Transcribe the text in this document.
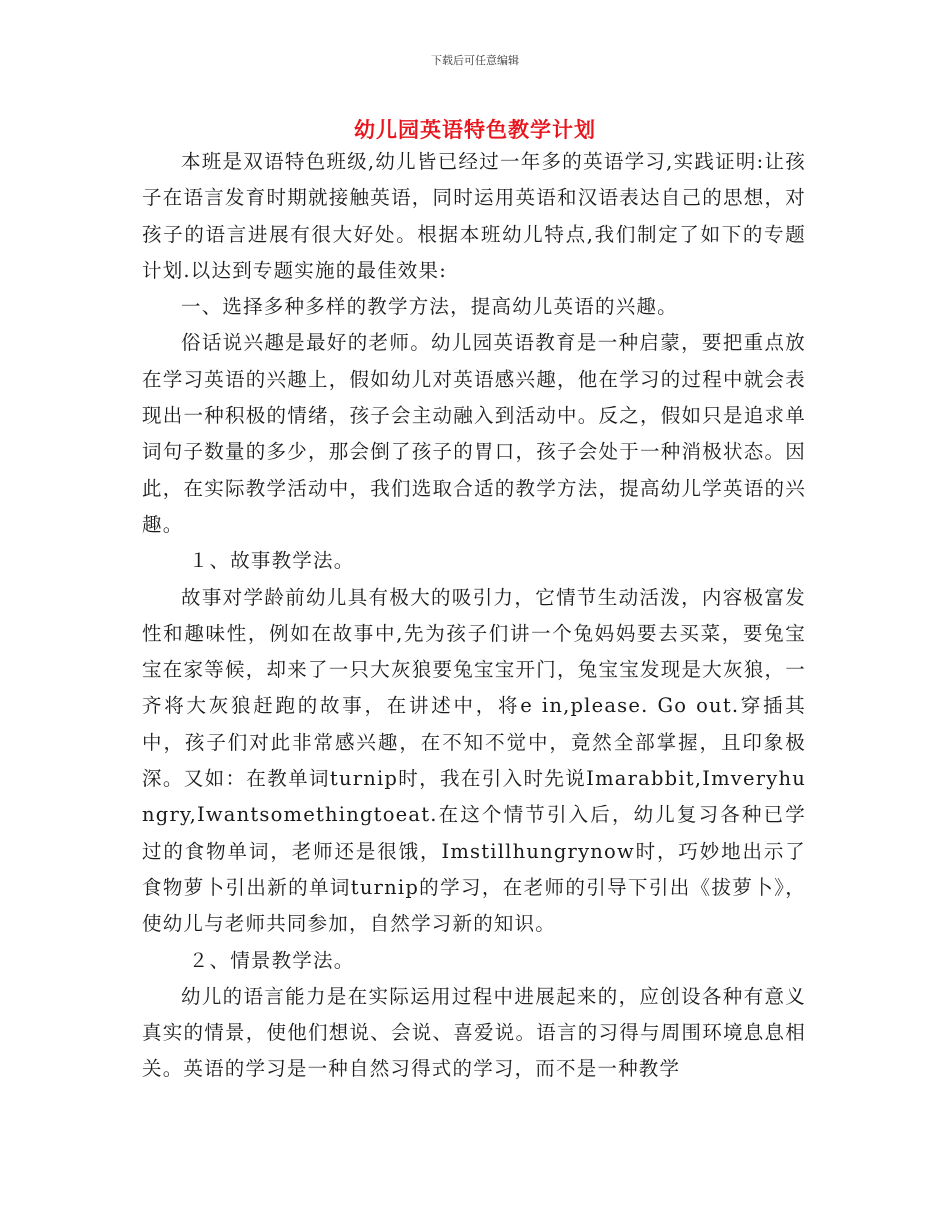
下载后可任意编辑
幼儿园英语特色教学计划

本班是双语特色班级,幼儿皆已经过一年多的英语学习,实践证明:让孩子在语言发育时期就接触英语，同时运用英语和汉语表达自己的思想，对孩子的语言进展有很大好处。根据本班幼儿特点,我们制定了如下的专题计划.以达到专题实施的最佳效果:

一、选择多种多样的教学方法，提高幼儿英语的兴趣。

俗话说兴趣是最好的老师。幼儿园英语教育是一种启蒙，要把重点放在学习英语的兴趣上，假如幼儿对英语感兴趣，他在学习的过程中就会表现出一种积极的情绪，孩子会主动融入到活动中。反之，假如只是追求单词句子数量的多少，那会倒了孩子的胃口，孩子会处于一种消极状态。因此，在实际教学活动中，我们选取合适的教学方法，提高幼儿学英语的兴趣。

１、故事教学法。

故事对学龄前幼儿具有极大的吸引力，它情节生动活泼，内容极富发性和趣味性，例如在故事中,先为孩子们讲一个兔妈妈要去买菜，要兔宝宝在家等候，却来了一只大灰狼要兔宝宝开门，兔宝宝发现是大灰狼，一齐将大灰狼赶跑的故事，在讲述中，将e in,please. Go out.穿插其中，孩子们对此非常感兴趣，在不知不觉中，竟然全部掌握，且印象极深。又如：在教单词turnip时，我在引入时先说Imarabbit,Imveryhungry,Iwantsomethingtoeat.在这个情节引入后，幼儿复习各种已学过的食物单词，老师还是很饿，Imstillhungrynow时，巧妙地出示了食物萝卜引出新的单词turnip的学习，在老师的引导下引出《拔萝卜》，使幼儿与老师共同参加，自然学习新的知识。

２、情景教学法。

幼儿的语言能力是在实际运用过程中进展起来的，应创设各种有意义真实的情景，使他们想说、会说、喜爱说。语言的习得与周围环境息息相关。英语的学习是一种自然习得式的学习，而不是一种教学
